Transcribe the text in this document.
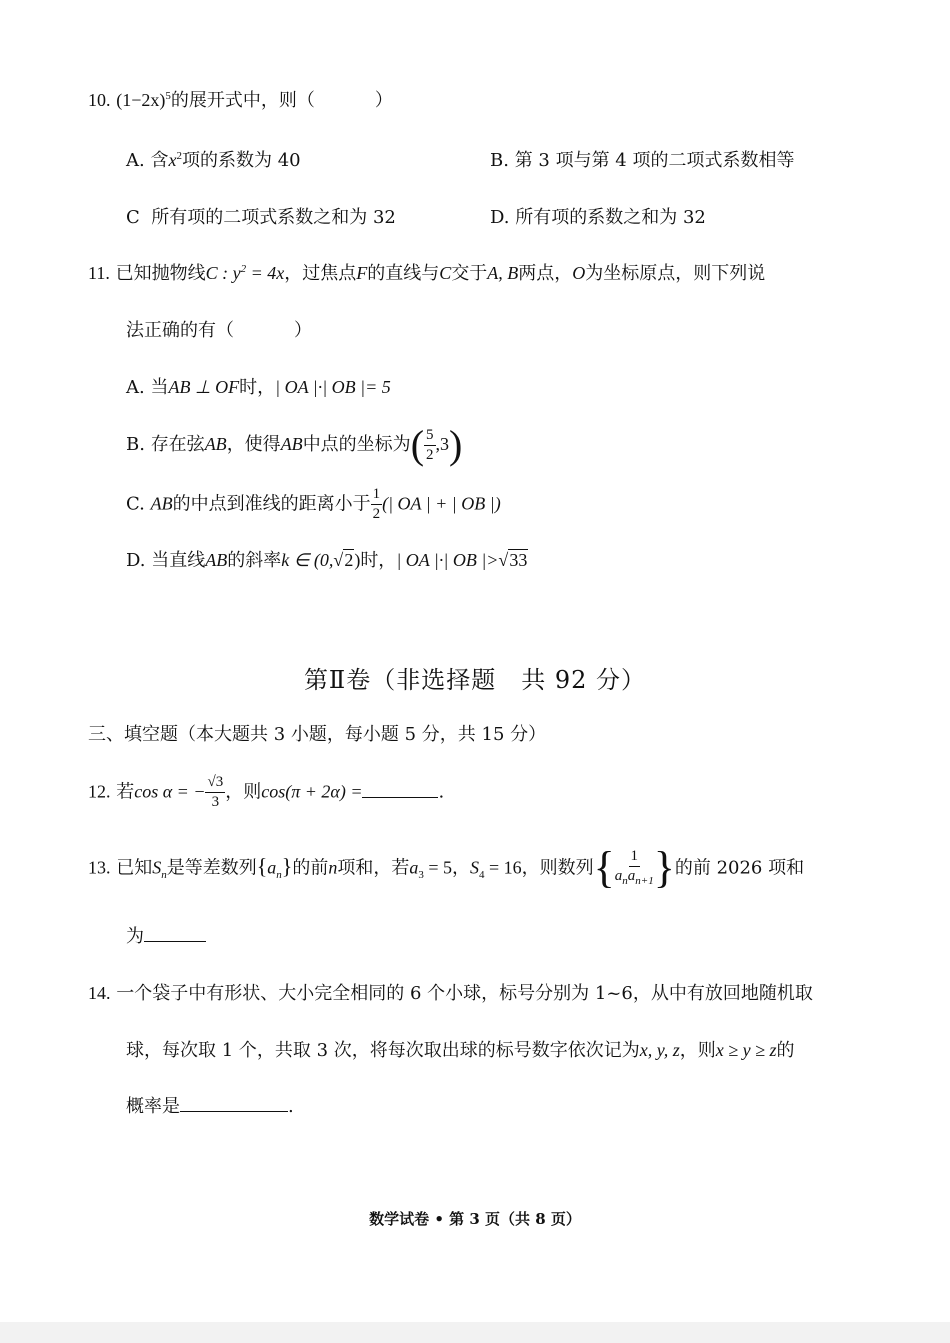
10. $(1-2x)^5$的展开式中，则（	）
A. 含$x^2$项的系数为 40	B. 第 3 项与第 4 项的二项式系数相等
C 所有项的二项式系数之和为 32	D. 所有项的系数之和为 32
11. 已知抛物线C : $y^2 = 4x$，过焦点F的直线与C交于A, B两点，O为坐标原点，则下列说
法正确的有（	）
A. 当AB ⊥ OF时，| OA |·| OB |= 5
B. 存在弦AB，使得AB中点的坐标为( $\frac{5}{2} ,3$)
C. AB的中点到准线的距离小于 $\frac{1}{2}$ (| OA | + | OB |)
D. 当直线AB的斜率k ∈ (0,√2)时，| OA |·| OB |>√33
第Ⅱ卷（非选择题　共 92 分）
三、填空题（本大题共 3 小题，每小题 5 分，共 15 分）
12. 若cos α = − $\frac{√3}{3}$ ，则cos(π + 2α) =	.
13. 已知$S_n$是等差数列$\{a_n\}$的前n项和，若$a_3 = 5$，$S_4 = 16$，则数列{ $\frac{1}{a_na_{n+1}}$ }的前 2026 项和
为
14. 一个袋子中有形状、大小完全相同的 6 个小球，标号分别为 1~6，从中有放回地随机取
球，每次取 1 个，共取 3 次，将每次取出球的标号数字依次记为x, y, z，则x ≥ y ≥ z的
概率是	.
数学试卷 • 第 3 页（共 8 页）
